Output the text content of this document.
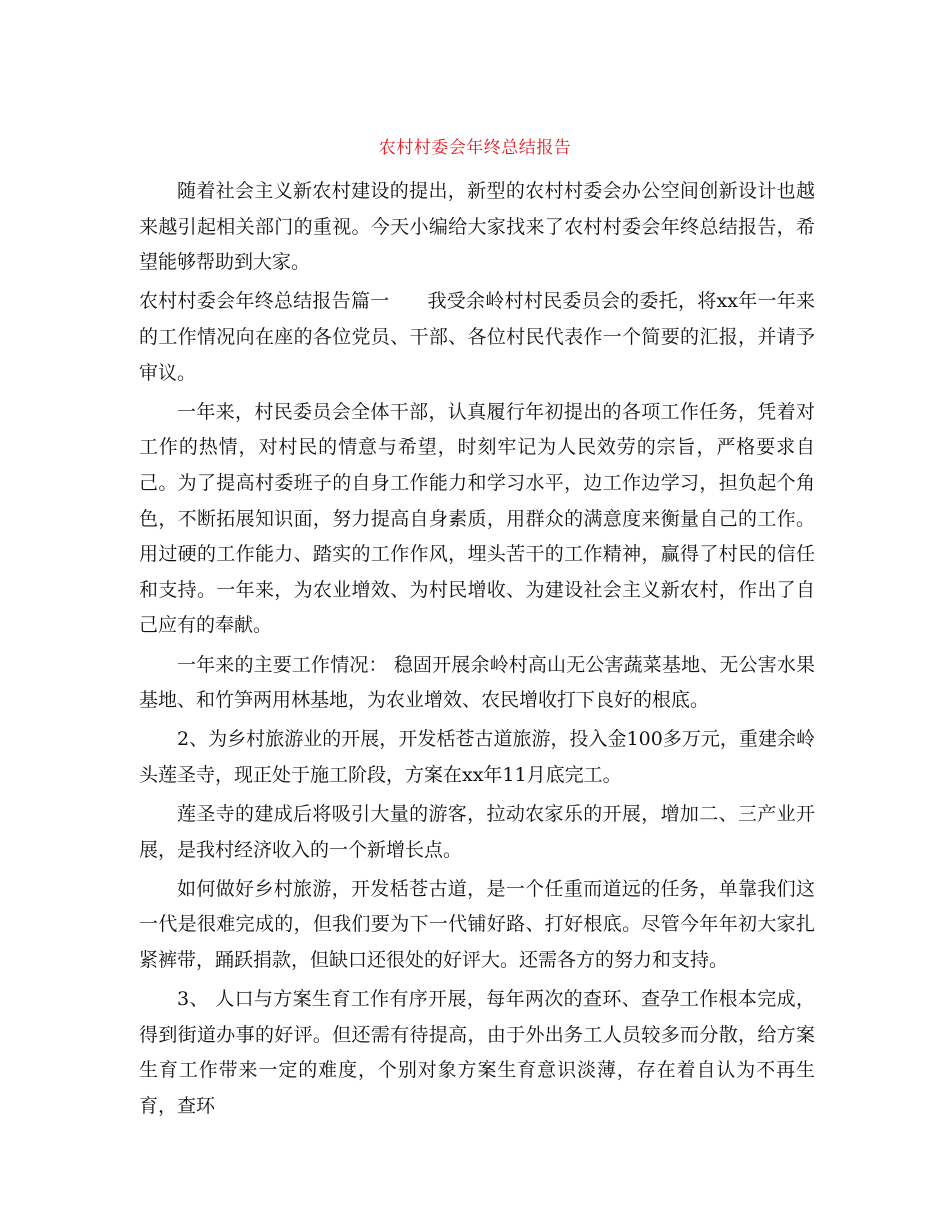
农村村委会年终总结报告

随着社会主义新农村建设的提出，新型的农村村委会办公空间创新设计也越来越引起相关部门的重视。今天小编给大家找来了农村村委会年终总结报告，希望能够帮助到大家。

农村村委会年终总结报告篇一 我受余岭村村民委员会的委托，将xx年一年来的工作情况向在座的各位党员、干部、各位村民代表作一个简要的汇报，并请予审议。

一年来，村民委员会全体干部，认真履行年初提出的各项工作任务，凭着对工作的热情，对村民的情意与希望，时刻牢记为人民效劳的宗旨，严格要求自己。为了提高村委班子的自身工作能力和学习水平，边工作边学习，担负起个角色，不断拓展知识面，努力提高自身素质，用群众的满意度来衡量自己的工作。用过硬的工作能力、踏实的工作作风，埋头苦干的工作精神，赢得了村民的信任和支持。一年来，为农业增效、为村民增收、为建设社会主义新农村，作出了自己应有的奉献。

一年来的主要工作情况： 稳固开展余岭村高山无公害蔬菜基地、无公害水果基地、和竹笋两用林基地，为农业增效、农民增收打下良好的根底。

2、为乡村旅游业的开展，开发栝苍古道旅游，投入金100多万元，重建余岭头莲圣寺，现正处于施工阶段，方案在xx年11月底完工。

莲圣寺的建成后将吸引大量的游客，拉动农家乐的开展，增加二、三产业开展，是我村经济收入的一个新增长点。

如何做好乡村旅游，开发栝苍古道，是一个任重而道远的任务，单靠我们这一代是很难完成的，但我们要为下一代铺好路、打好根底。尽管今年年初大家扎紧裤带，踊跃捐款，但缺口还很处的好评大。还需各方的努力和支持。

3、 人口与方案生育工作有序开展，每年两次的查环、查孕工作根本完成，得到街道办事的好评。但还需有待提高，由于外出务工人员较多而分散，给方案生育工作带来一定的难度，个别对象方案生育意识淡薄，存在着自认为不再生育，查环
